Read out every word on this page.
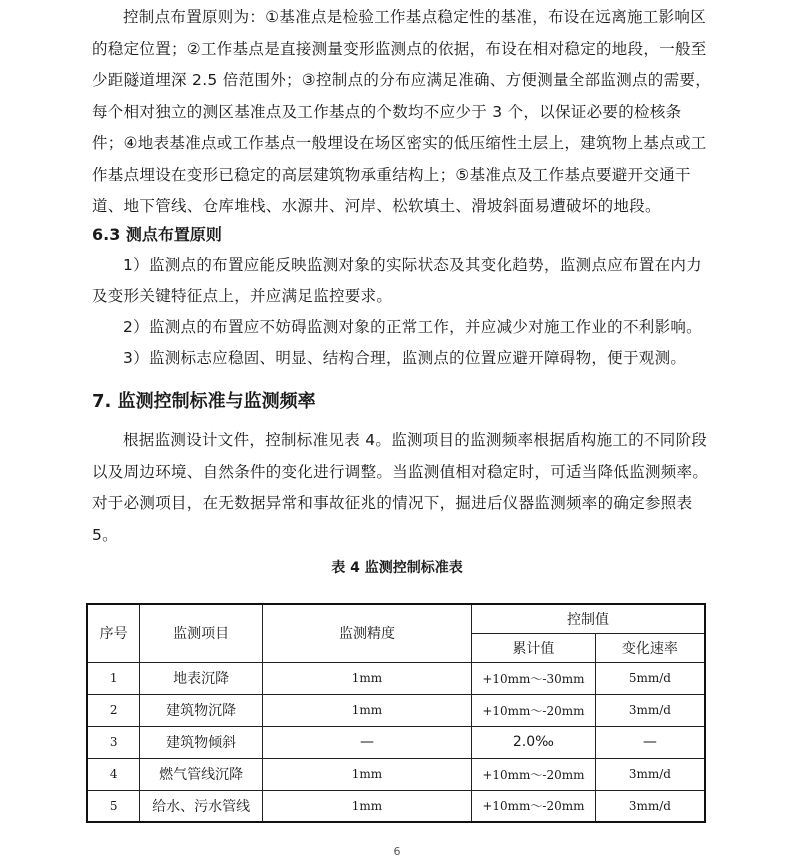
控制点布置原则为：①基准点是检验工作基点稳定性的基准，布设在远离施工影响区的稳定位置；②工作基点是直接测量变形监测点的依据，布设在相对稳定的地段，一般至少距隧道埋深 2.5 倍范围外；③控制点的分布应满足准确、方便测量全部监测点的需要，每个相对独立的测区基准点及工作基点的个数均不应少于 3 个，以保证必要的检核条件；④地表基准点或工作基点一般埋设在场区密实的低压缩性土层上，建筑物上基点或工作基点埋设在变形已稳定的高层建筑物承重结构上；⑤基准点及工作基点要避开交通干道、地下管线、仓库堆栈、水源井、河岸、松软填土、滑坡斜面易遭破坏的地段。

6.3 测点布置原则

1）监测点的布置应能反映监测对象的实际状态及其变化趋势，监测点应布置在内力及变形关键特征点上，并应满足监控要求。

2）监测点的布置应不妨碍监测对象的正常工作，并应减少对施工作业的不利影响。

3）监测标志应稳固、明显、结构合理，监测点的位置应避开障碍物，便于观测。

7. 监测控制标准与监测频率

根据监测设计文件，控制标准见表 4。监测项目的监测频率根据盾构施工的不同阶段以及周边环境、自然条件的变化进行调整。当监测值相对稳定时，可适当降低监测频率。对于必测项目，在无数据异常和事故征兆的情况下，掘进后仪器监测频率的确定参照表 5。

表 4 监测控制标准表

序号	监测项目	监测精度	控制值	
			累计值	变化速率
1	地表沉降	1mm	+10mm～-30mm	5mm/d
2	建筑物沉降	1mm	+10mm～-20mm	3mm/d
3	建筑物倾斜	—	2.0‰	—
4	燃气管线沉降	1mm	+10mm～-20mm	3mm/d
5	给水、污水管线	1mm	+10mm～-20mm	3mm/d
6
